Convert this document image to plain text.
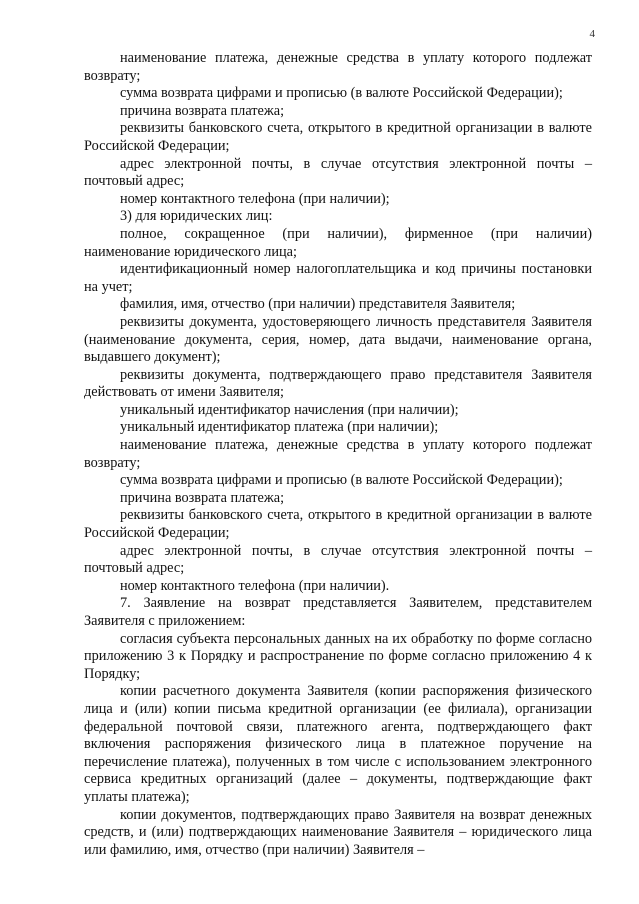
4

наименование платежа, денежные средства в уплату которого подлежат возврату;

сумма возврата цифрами и прописью (в валюте Российской Федерации);

причина возврата платежа;

реквизиты банковского счета, открытого в кредитной организации в валюте Российской Федерации;

адрес электронной почты, в случае отсутствия электронной почты – почтовый адрес;

номер контактного телефона (при наличии);

3) для юридических лиц:

полное, сокращенное (при наличии), фирменное (при наличии) наименование юридического лица;

идентификационный номер налогоплательщика и код причины постановки на учет;

фамилия, имя, отчество (при наличии) представителя Заявителя;

реквизиты документа, удостоверяющего личность представителя Заявителя (наименование документа, серия, номер, дата выдачи, наименование органа, выдавшего документ);

реквизиты документа, подтверждающего право представителя Заявителя действовать от имени Заявителя;

уникальный идентификатор начисления (при наличии);

уникальный идентификатор платежа (при наличии);

наименование платежа, денежные средства в уплату которого подлежат возврату;

сумма возврата цифрами и прописью (в валюте Российской Федерации);

причина возврата платежа;

реквизиты банковского счета, открытого в кредитной организации в валюте Российской Федерации;

адрес электронной почты, в случае отсутствия электронной почты – почтовый адрес;

номер контактного телефона (при наличии).

7. Заявление на возврат представляется Заявителем, представителем Заявителя с приложением:

согласия субъекта персональных данных на их обработку по форме согласно приложению 3 к Порядку и распространение по форме согласно приложению 4 к Порядку;

копии расчетного документа Заявителя (копии распоряжения физического лица и (или) копии письма кредитной организации (ее филиала), организации федеральной почтовой связи, платежного агента, подтверждающего факт включения распоряжения физического лица в платежное поручение на перечисление платежа), полученных в том числе с использованием электронного сервиса кредитных организаций (далее – документы, подтверждающие факт уплаты платежа);

копии документов, подтверждающих право Заявителя на возврат денежных средств, и (или) подтверждающих наименование Заявителя – юридического лица или фамилию, имя, отчество (при наличии) Заявителя –
